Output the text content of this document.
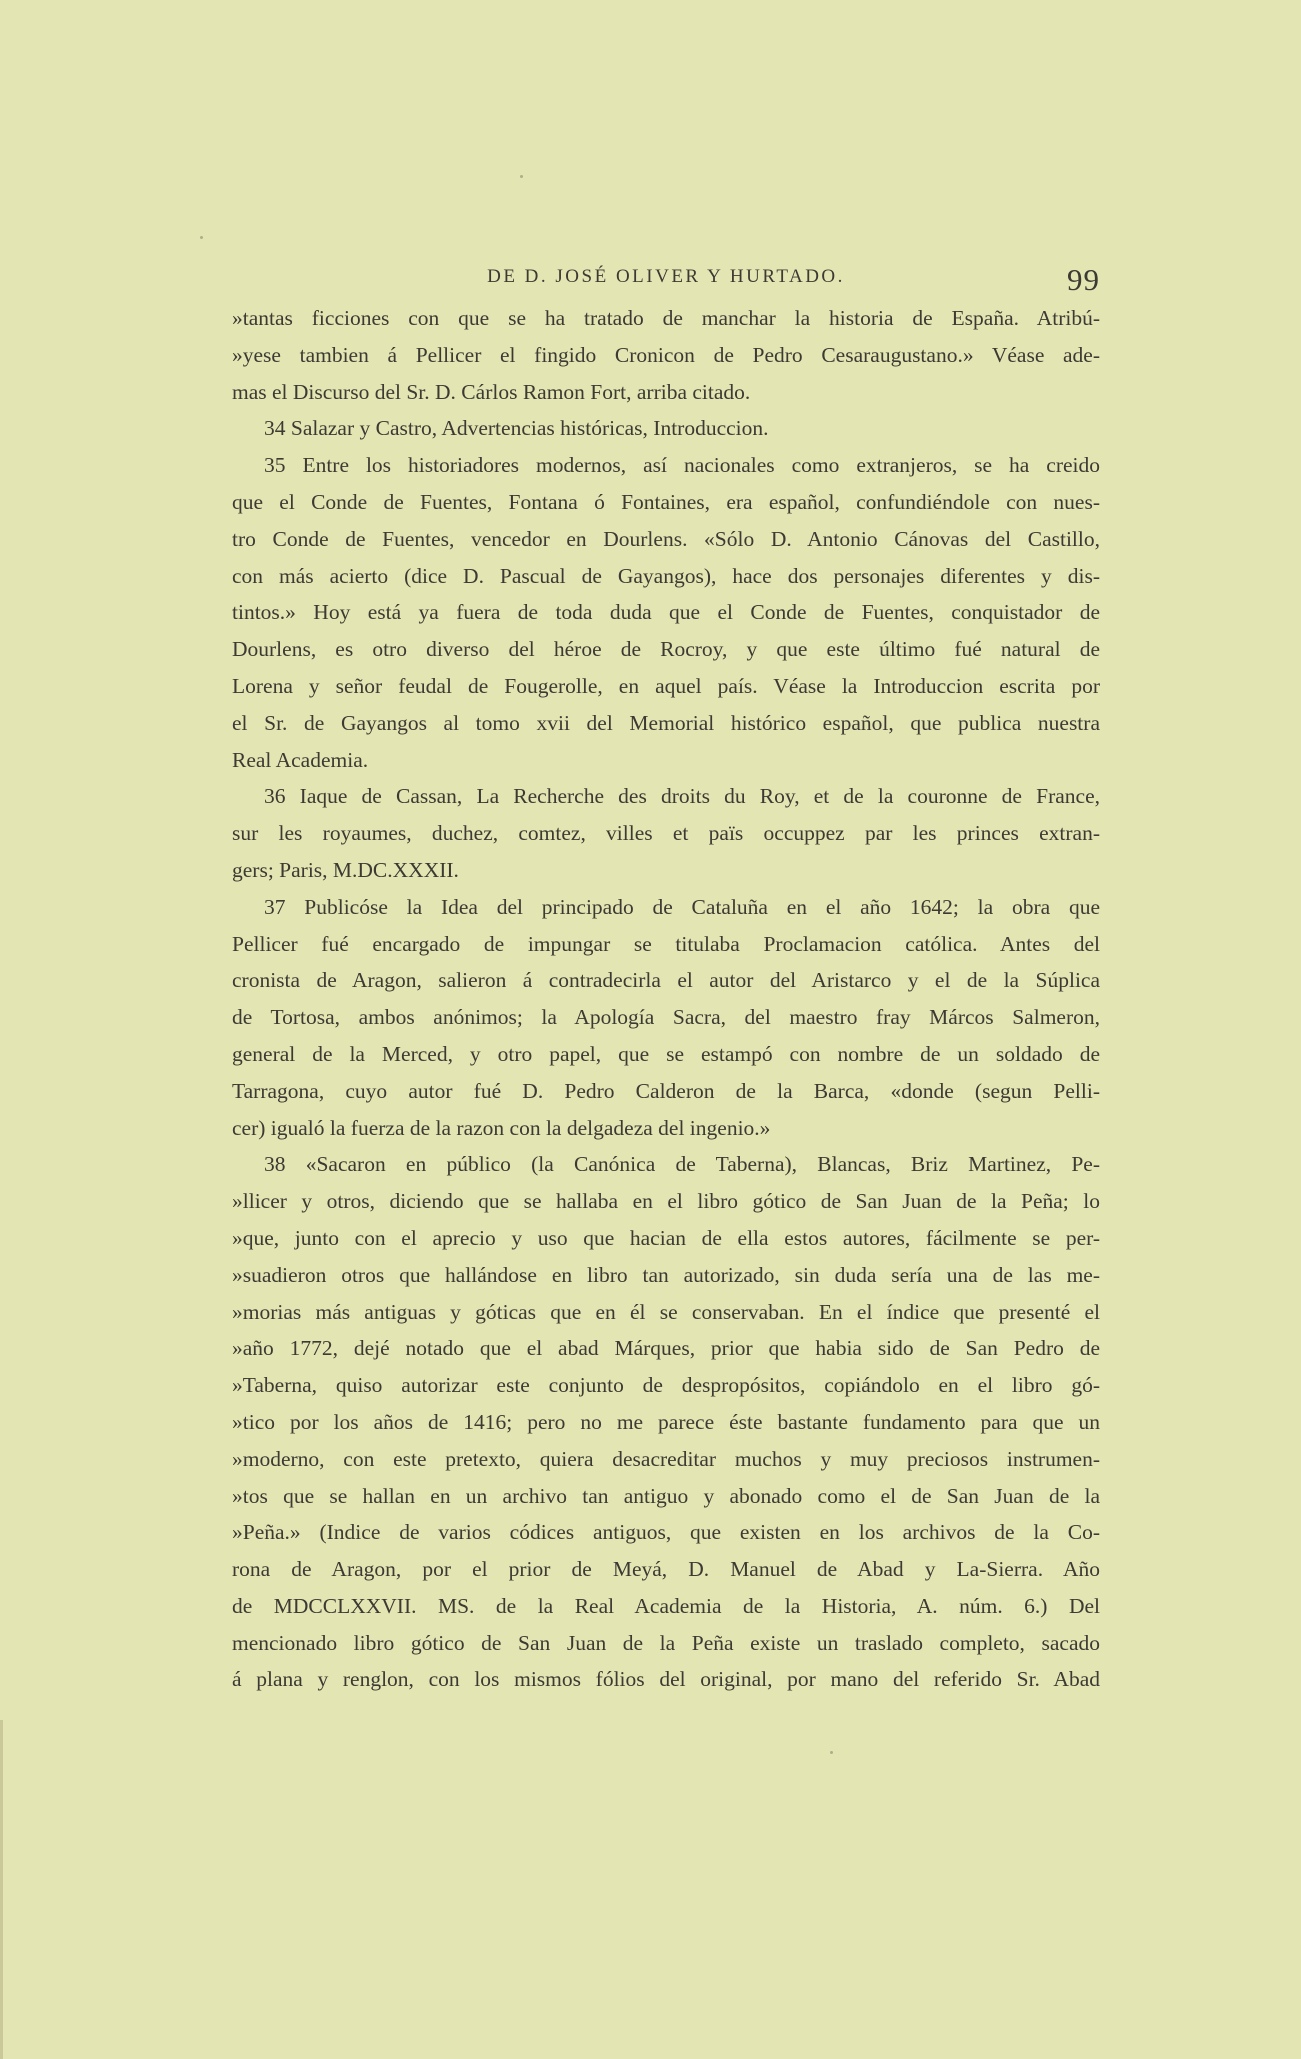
DE D. JOSÉ OLIVER Y HURTADO.	99
»tantas ficciones con que se ha tratado de manchar la historia de España. Atribú-
»yese tambien á Pellicer el fingido Cronicon de Pedro Cesaraugustano.» Véase ade-
mas el Discurso del Sr. D. Cárlos Ramon Fort, arriba citado.
34 Salazar y Castro, Advertencias históricas, Introduccion.
35 Entre los historiadores modernos, así nacionales como extranjeros, se ha creido
que el Conde de Fuentes, Fontana ó Fontaines, era español, confundiéndole con nues-
tro Conde de Fuentes, vencedor en Dourlens. «Sólo D. Antonio Cánovas del Castillo,
con más acierto (dice D. Pascual de Gayangos), hace dos personajes diferentes y dis-
tintos.» Hoy está ya fuera de toda duda que el Conde de Fuentes, conquistador de
Dourlens, es otro diverso del héroe de Rocroy, y que este último fué natural de
Lorena y señor feudal de Fougerolle, en aquel país. Véase la Introduccion escrita por
el Sr. de Gayangos al tomo xvii del Memorial histórico español, que publica nuestra
Real Academia.
36 Iaque de Cassan, La Recherche des droits du Roy, et de la couronne de France,
sur les royaumes, duchez, comtez, villes et païs occuppez par les princes extran-
gers; Paris, M.DC.XXXII.
37 Publicóse la Idea del principado de Cataluña en el año 1642; la obra que
Pellicer fué encargado de impungar se titulaba Proclamacion católica. Antes del
cronista de Aragon, salieron á contradecirla el autor del Aristarco y el de la Súplica
de Tortosa, ambos anónimos; la Apología Sacra, del maestro fray Márcos Salmeron,
general de la Merced, y otro papel, que se estampó con nombre de un soldado de
Tarragona, cuyo autor fué D. Pedro Calderon de la Barca, «donde (segun Pelli-
cer) igualó la fuerza de la razon con la delgadeza del ingenio.»
38 «Sacaron en público (la Canónica de Taberna), Blancas, Briz Martinez, Pe-
»llicer y otros, diciendo que se hallaba en el libro gótico de San Juan de la Peña; lo
»que, junto con el aprecio y uso que hacian de ella estos autores, fácilmente se per-
»suadieron otros que hallándose en libro tan autorizado, sin duda sería una de las me-
»morias más antiguas y góticas que en él se conservaban. En el índice que presenté el
»año 1772, dejé notado que el abad Márques, prior que habia sido de San Pedro de
»Taberna, quiso autorizar este conjunto de despropósitos, copiándolo en el libro gó-
»tico por los años de 1416; pero no me parece éste bastante fundamento para que un
»moderno, con este pretexto, quiera desacreditar muchos y muy preciosos instrumen-
»tos que se hallan en un archivo tan antiguo y abonado como el de San Juan de la
»Peña.» (Indice de varios códices antiguos, que existen en los archivos de la Co-
rona de Aragon, por el prior de Meyá, D. Manuel de Abad y La-Sierra. Año
de MDCCLXXVII. MS. de la Real Academia de la Historia, A. núm. 6.) Del
mencionado libro gótico de San Juan de la Peña existe un traslado completo, sacado
á plana y renglon, con los mismos fólios del original, por mano del referido Sr. Abad
